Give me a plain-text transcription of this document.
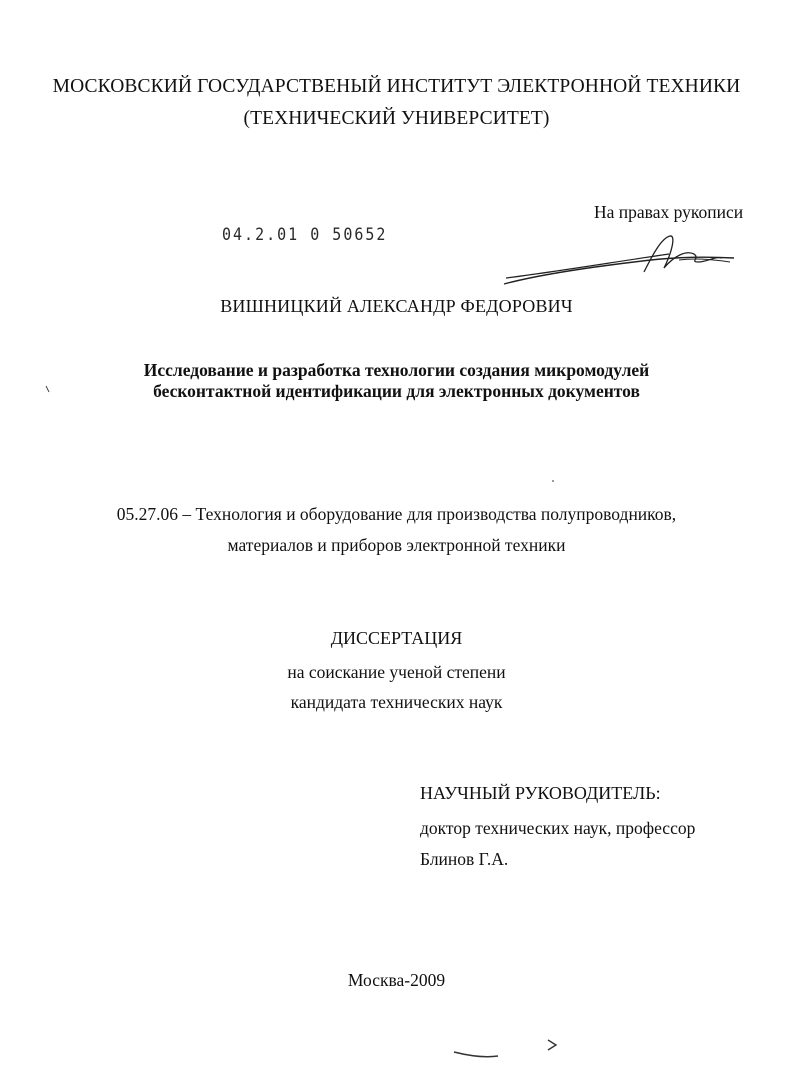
МОСКОВСКИЙ ГОСУДАРСТВЕНЫЙ ИНСТИТУТ ЭЛЕКТРОННОЙ ТЕХНИКИ
(ТЕХНИЧЕСКИЙ УНИВЕРСИТЕТ)
На правах рукописи
04.2.01 0 50652
ВИШНИЦКИЙ АЛЕКСАНДР ФЕДОРОВИЧ
Исследование и разработка технологии создания микромодулей
бесконтактной идентификации для электронных документов
05.27.06 – Технология и оборудование для производства полупроводников,
материалов и приборов электронной техники
ДИССЕРТАЦИЯ
на соискание ученой степени
кандидата технических наук
НАУЧНЫЙ РУКОВОДИТЕЛЬ:
доктор технических наук, профессор
Блинов Г.А.
Москва-2009
